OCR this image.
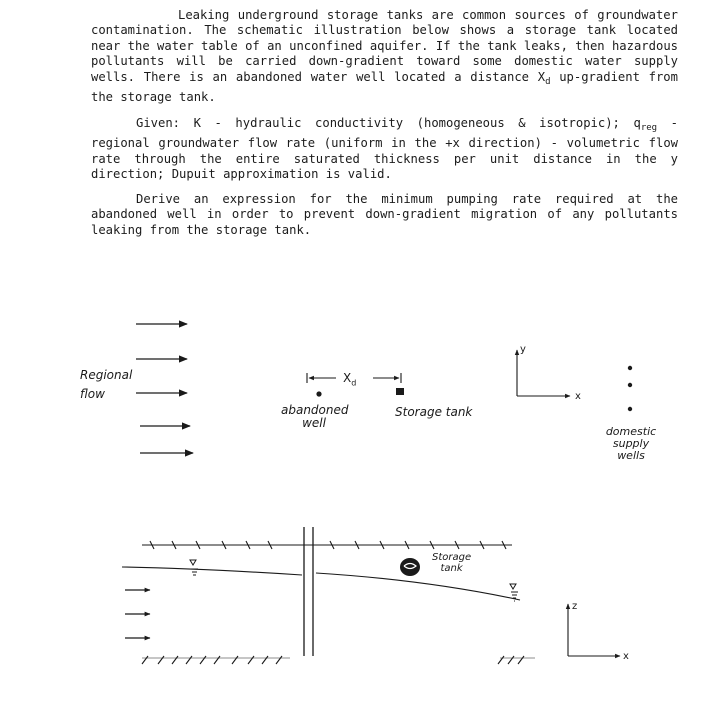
Leaking underground storage tanks are common sources of groundwater contamination. The schematic illustration below shows a storage tank located near the water table of an unconfined aquifer. If the tank leaks, then hazardous pollutants will be carried down-gradient toward some domestic water supply wells. There is an abandoned water well located a distance $X_d$ up-gradient from the storage tank.

Given: K - hydraulic conductivity (homogeneous & isotropic); $q_{reg}$ - regional groundwater flow rate (uniform in the +x direction) - volumetric flow rate through the entire saturated thickness per unit distance in the y direction; Dupuit approximation is valid.

Derive an expression for the minimum pumping rate required at the abandoned well in order to prevent down-gradient migration of any pollutants leaking from the storage tank.

Regional
flow
$X_d$
abandoned
well
Storage tank
x
y
domestic
supply
wells
Storage
tank
x
z
